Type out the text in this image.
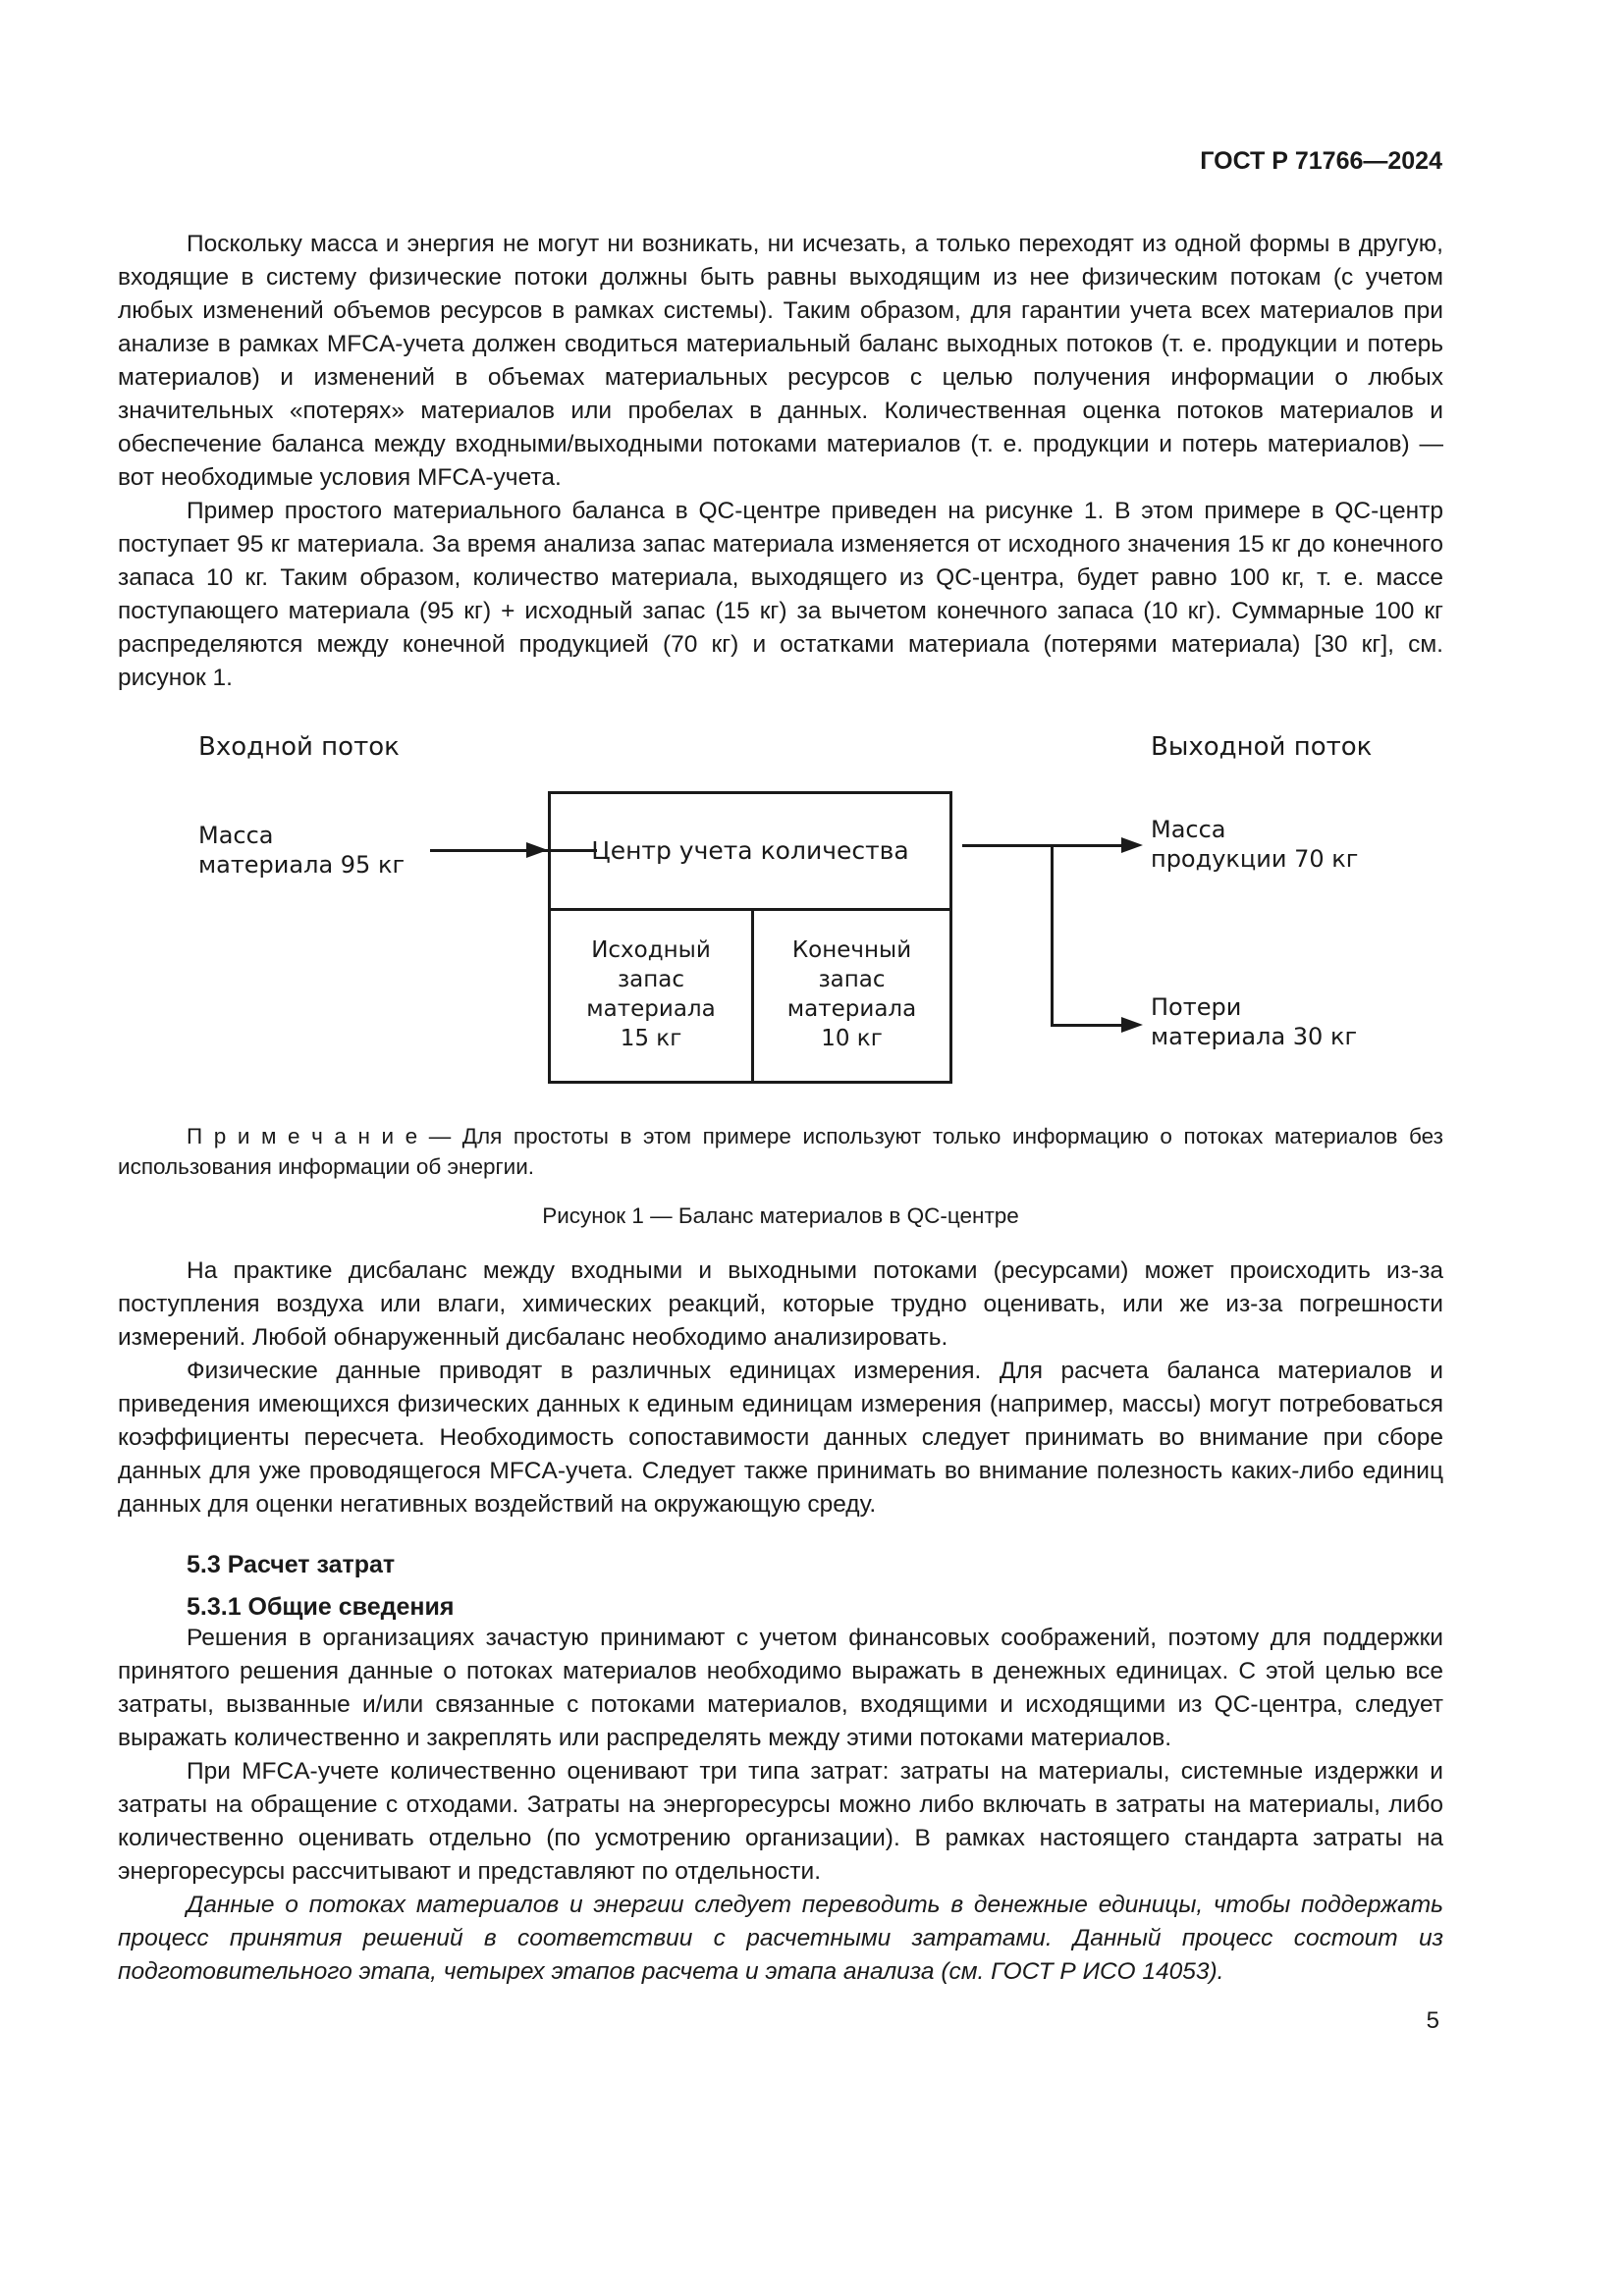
ГОСТ Р 71766—2024

Поскольку масса и энергия не могут ни возникать, ни исчезать, а только переходят из одной формы в другую, входящие в систему физические потоки должны быть равны выходящим из нее физическим потокам (с учетом любых изменений объемов ресурсов в рамках системы). Таким образом, для гарантии учета всех материалов при анализе в рамках MFCA-учета должен сводиться материальный баланс выходных потоков (т. е. продукции и потерь материалов) и изменений в объемах материальных ресурсов с целью получения информации о любых значительных «потерях» материалов или пробелах в данных. Количественная оценка потоков материалов и обеспечение баланса между входными/выходными потоками материалов (т. е. продукции и потерь материалов) — вот необходимые условия MFCA-учета.

Пример простого материального баланса в QC-центре приведен на рисунке 1. В этом примере в QC-центр поступает 95 кг материала. За время анализа запас материала изменяется от исходного значения 15 кг до конечного запаса 10 кг. Таким образом, количество материала, выходящего из QC-центра, будет равно 100 кг, т. е. массе поступающего материала (95 кг) + исходный запас (15 кг) за вычетом конечного запаса (10 кг). Суммарные 100 кг распределяются между конечной продукцией (70 кг) и остатками материала (потерями материала) [30 кг], см. рисунок 1.

Входной поток	Выходной поток
Масса
материала 95 кг	Центр учета количества
Исходный
запас
материала
15 кг
Конечный
запас
материала
10 кг
Масса
продукции 70 кг
Потери
материала 30 кг
П р и м е ч а н и е — Для простоты в этом примере используют только информацию о потоках материалов без использования информации об энергии.
Рисунок 1 — Баланс материалов в QC-центре

На практике дисбаланс между входными и выходными потоками (ресурсами) может происходить из-за поступления воздуха или влаги, химических реакций, которые трудно оценивать, или же из-за погрешности измерений. Любой обнаруженный дисбаланс необходимо анализировать.

Физические данные приводят в различных единицах измерения. Для расчета баланса материалов и приведения имеющихся физических данных к единым единицам измерения (например, массы) могут потребоваться коэффициенты пересчета. Необходимость сопоставимости данных следует принимать во внимание при сборе данных для уже проводящегося MFCA-учета. Следует также принимать во внимание полезность каких-либо единиц данных для оценки негативных воздействий на окружающую среду.

5.3 Расчет затрат
5.3.1 Общие сведения

Решения в организациях зачастую принимают с учетом финансовых соображений, поэтому для поддержки принятого решения данные о потоках материалов необходимо выражать в денежных единицах. С этой целью все затраты, вызванные и/или связанные с потоками материалов, входящими и исходящими из QC-центра, следует выражать количественно и закреплять или распределять между этими потоками материалов.

При MFCA-учете количественно оценивают три типа затрат: затраты на материалы, системные издержки и затраты на обращение с отходами. Затраты на энергоресурсы можно либо включать в затраты на материалы, либо количественно оценивать отдельно (по усмотрению организации). В рамках настоящего стандарта затраты на энергоресурсы рассчитывают и представляют по отдельности.

Данные о потоках материалов и энергии следует переводить в денежные единицы, чтобы поддержать процесс принятия решений в соответствии с расчетными затратами. Данный процесс состоит из подготовительного этапа, четырех этапов расчета и этапа анализа (см. ГОСТ Р ИСО 14053).

5
